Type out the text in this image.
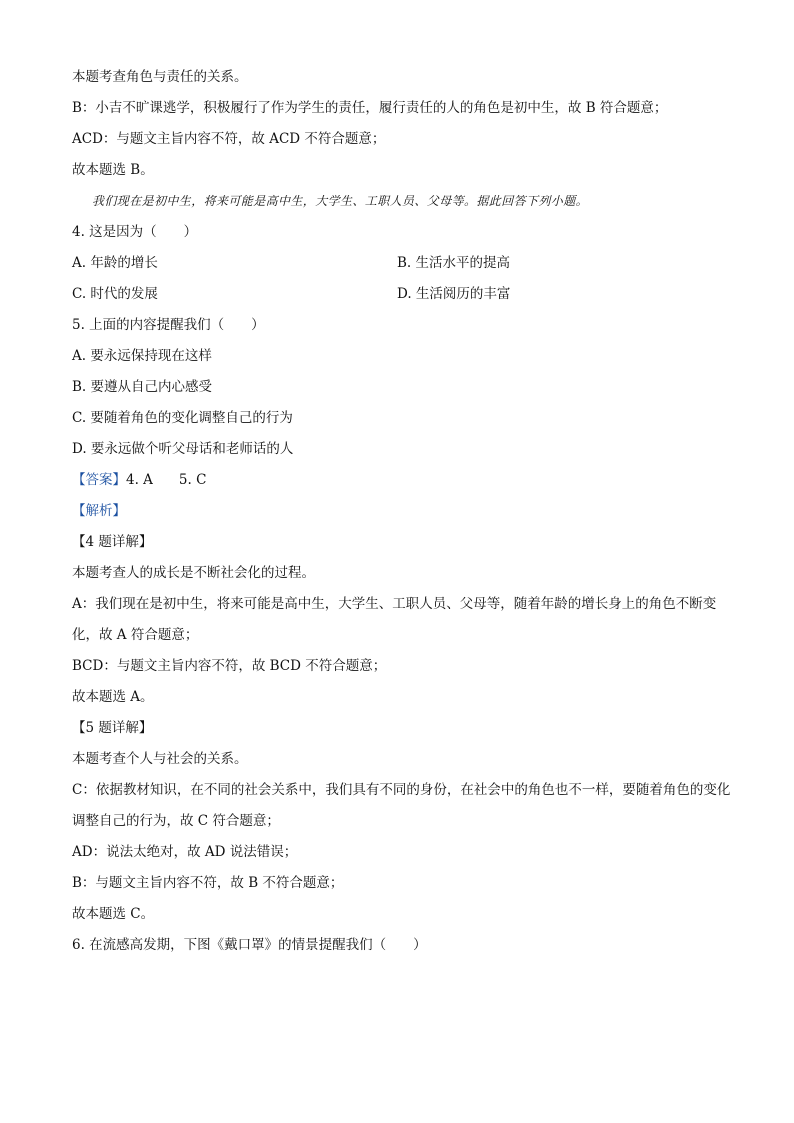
本题考查角色与责任的关系。
B：小吉不旷课逃学，积极履行了作为学生的责任，履行责任的人的角色是初中生，故 B 符合题意；
ACD：与题文主旨内容不符，故 ACD 不符合题意；
故本题选 B。
我们现在是初中生，将来可能是高中生，大学生、工职人员、父母等。据此回答下列小题。
4. 这是因为（　　）
A. 年龄的增长	B. 生活水平的提高
C. 时代的发展	D. 生活阅历的丰富
5. 上面的内容提醒我们（　　）
A. 要永远保持现在这样
B. 要遵从自己内心感受
C. 要随着角色的变化调整自己的行为
D. 要永远做个听父母话和老师话的人
【答案】4. A 5. C
【解析】
【4 题详解】
本题考查人的成长是不断社会化的过程。
A：我们现在是初中生，将来可能是高中生，大学生、工职人员、父母等，随着年龄的增长身上的角色不断变化，故 A 符合题意；
BCD：与题文主旨内容不符，故 BCD 不符合题意；
故本题选 A。
【5 题详解】
本题考查个人与社会的关系。
C：依据教材知识，在不同的社会关系中，我们具有不同的身份，在社会中的角色也不一样，要随着角色的变化调整自己的行为，故 C 符合题意；
AD：说法太绝对，故 AD 说法错误；
B：与题文主旨内容不符，故 B 不符合题意；
故本题选 C。
6. 在流感高发期，下图《戴口罩》的情景提醒我们（　　）
